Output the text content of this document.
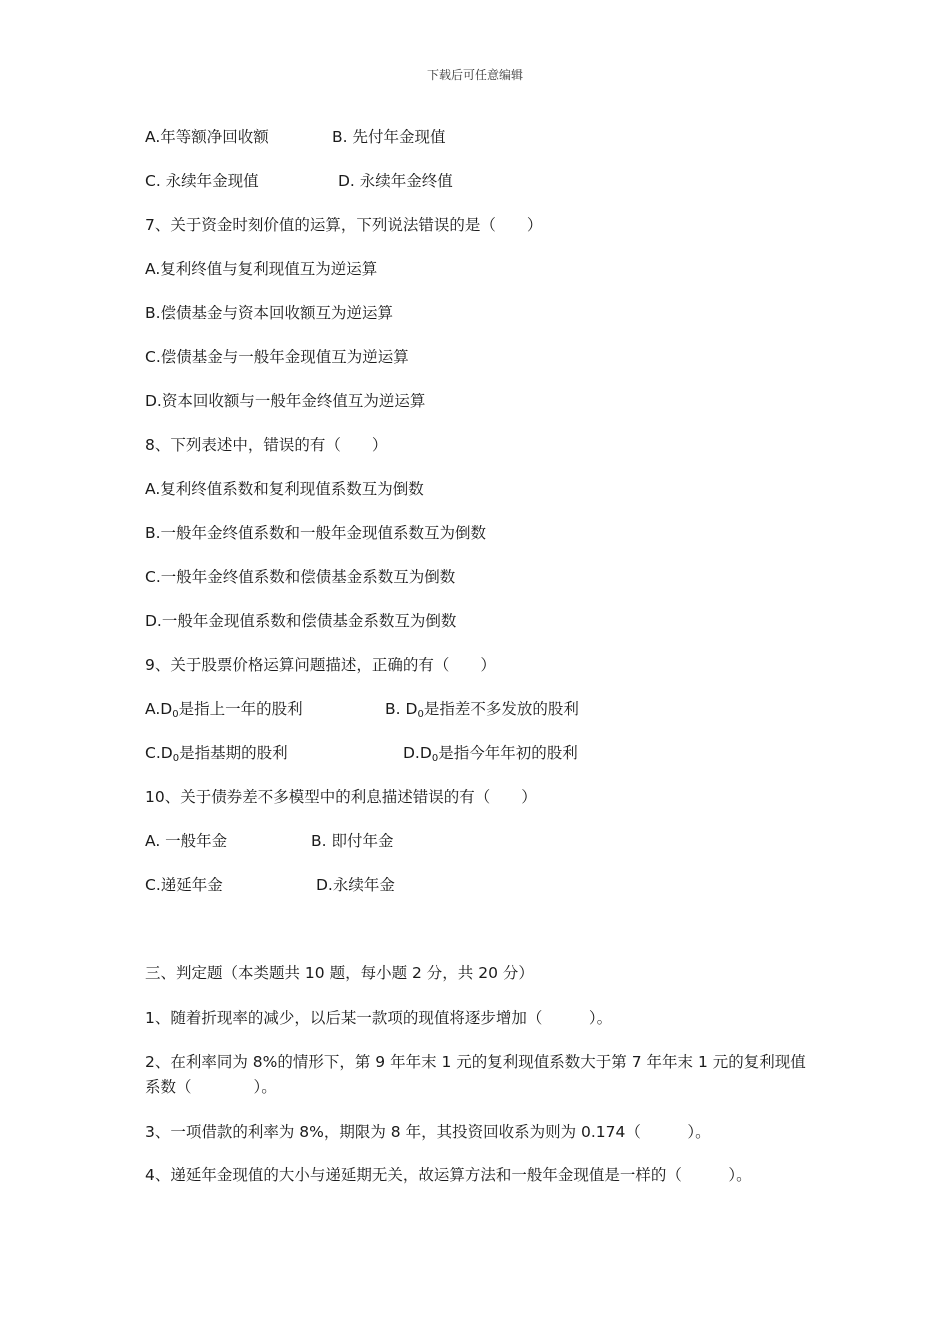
下载后可任意编辑
A.年等额净回收额	B. 先付年金现值
C. 永续年金现值	D. 永续年金终值
7、关于资金时刻价值的运算，下列说法错误的是（　　）
A.复利终值与复利现值互为逆运算
B.偿债基金与资本回收额互为逆运算
C.偿债基金与一般年金现值互为逆运算
D.资本回收额与一般年金终值互为逆运算
8、下列表述中，错误的有（　　）
A.复利终值系数和复利现值系数互为倒数
B.一般年金终值系数和一般年金现值系数互为倒数
C.一般年金终值系数和偿债基金系数互为倒数
D.一般年金现值系数和偿债基金系数互为倒数
9、关于股票价格运算问题描述，正确的有（　　）
$A.D_0$是指上一年的股利	B. $D_0$是指差不多发放的股利
$C.D_0$是指基期的股利	$D.D_0$是指今年年初的股利
10、关于债券差不多模型中的利息描述错误的有（　　）
A. 一般年金	B. 即付年金
C.递延年金	D.永续年金
三、判定题（本类题共 10 题，每小题 2 分，共 20 分）
1、随着折现率的减少，以后某一款项的现值将逐步增加（　　　）。
2、在利率同为 8%的情形下，第 9 年年末 1 元的复利现值系数大于第 7 年年末 1 元的复利现值系数（　　　　）。
3、一项借款的利率为 8%，期限为 8 年，其投资回收系为则为 0.174（　　　）。
4、递延年金现值的大小与递延期无关，故运算方法和一般年金现值是一样的（　　　）。
